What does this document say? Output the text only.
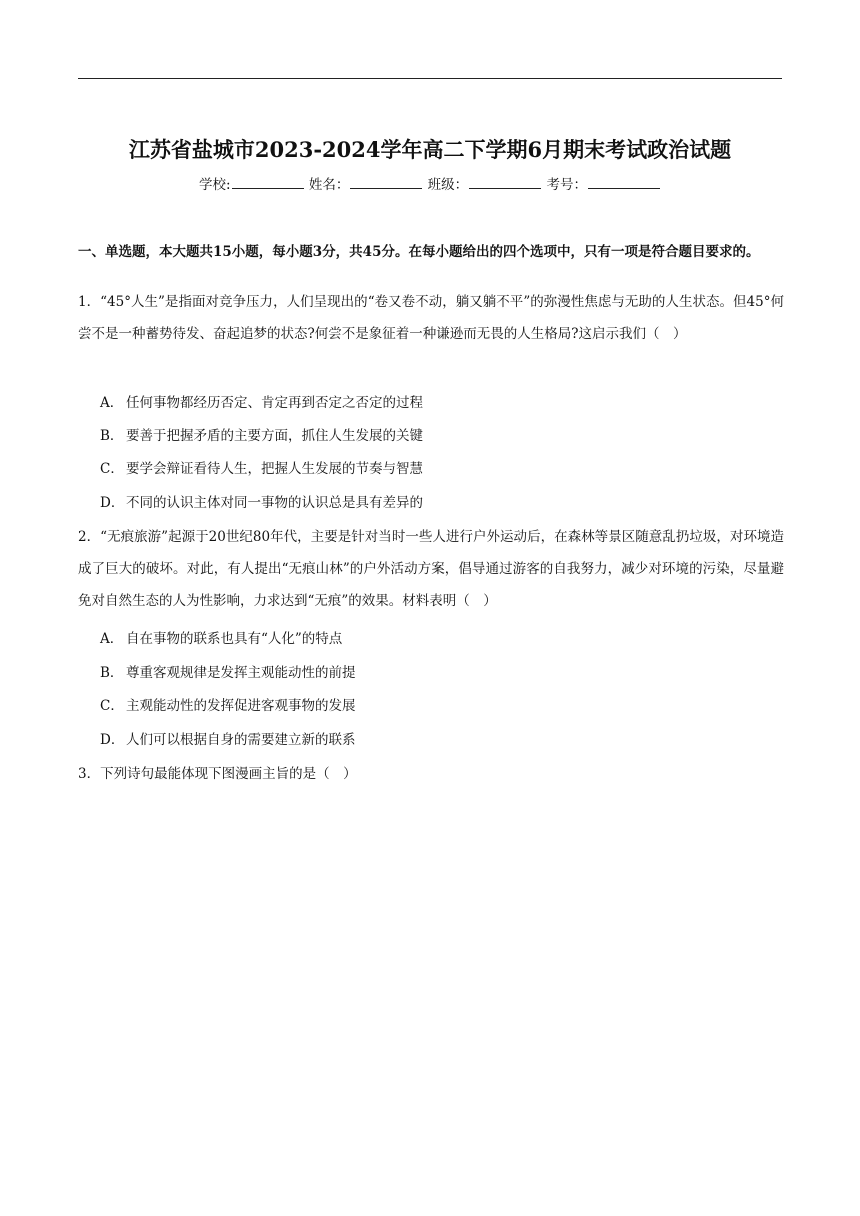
江苏省盐城市2023-2024学年高二下学期6月期末考试政治试题
学校:	姓名：	班级：	考号：
一、单选题，本大题共15小题，每小题3分，共45分。在每小题给出的四个选项中，只有一项是符合题目要求的。
1．“45°人生”是指面对竞争压力，人们呈现出的“卷又卷不动，躺又躺不平”的弥漫性焦虑与无助的人生状态。但45°何尝不是一种蓄势待发、奋起追梦的状态?何尝不是象征着一种谦逊而无畏的人生格局?这启示我们（　）
A． 任何事物都经历否定、肯定再到否定之否定的过程
B． 要善于把握矛盾的主要方面，抓住人生发展的关键
C． 要学会辩证看待人生，把握人生发展的节奏与智慧
D． 不同的认识主体对同一事物的认识总是具有差异的
2．“无痕旅游”起源于20世纪80年代，主要是针对当时一些人进行户外运动后，在森林等景区随意乱扔垃圾，对环境造成了巨大的破坏。对此，有人提出“无痕山林”的户外活动方案，倡导通过游客的自我努力，减少对环境的污染，尽量避免对自然生态的人为性影响，力求达到“无痕”的效果。材料表明（　）
A． 自在事物的联系也具有“人化”的特点
B． 尊重客观规律是发挥主观能动性的前提
C． 主观能动性的发挥促进客观事物的发展
D． 人们可以根据自身的需要建立新的联系
3．下列诗句最能体现下图漫画主旨的是（　）
